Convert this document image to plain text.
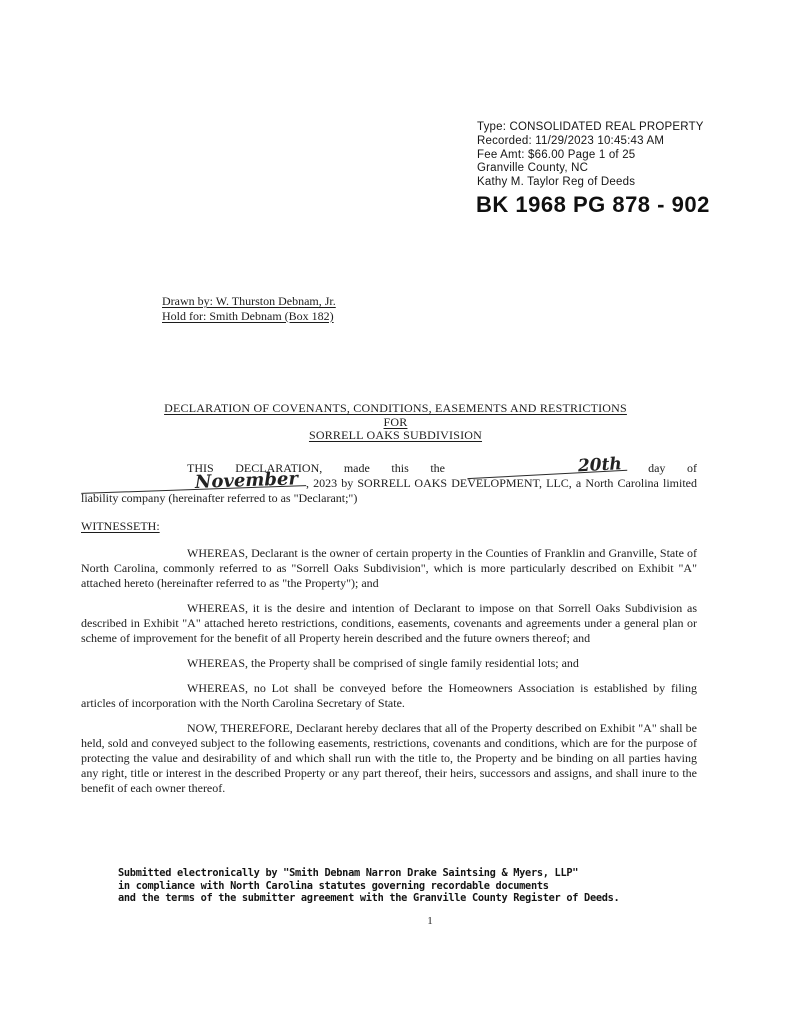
Type: CONSOLIDATED REAL PROPERTY
Recorded: 11/29/2023 10:45:43 AM
Fee Amt: $66.00 Page 1 of 25
Granville County, NC
Kathy M. Taylor Reg of Deeds
BK 1968 PG 878 - 902
Drawn by: W. Thurston Debnam, Jr.
Hold for: Smith Debnam (Box 182)
DECLARATION OF COVENANTS, CONDITIONS, EASEMENTS AND RESTRICTIONS
FOR
SORRELL OAKS SUBDIVISION

THIS DECLARATION, made this the	20th day of November , 2023 by SORRELL OAKS DEVELOPMENT, LLC, a North Carolina limited liability company (hereinafter referred to as "Declarant;")

WITNESSETH:

WHEREAS, Declarant is the owner of certain property in the Counties of Franklin and Granville, State of North Carolina, commonly referred to as "Sorrell Oaks Subdivision", which is more particularly described on Exhibit "A" attached hereto (hereinafter referred to as "the Property"); and

WHEREAS, it is the desire and intention of Declarant to impose on that Sorrell Oaks Subdivision as described in Exhibit "A" attached hereto restrictions, conditions, easements, covenants and agreements under a general plan or scheme of improvement for the benefit of all Property herein described and the future owners thereof; and

WHEREAS, the Property shall be comprised of single family residential lots; and

WHEREAS, no Lot shall be conveyed before the Homeowners Association is established by filing articles of incorporation with the North Carolina Secretary of State.

NOW, THEREFORE, Declarant hereby declares that all of the Property described on Exhibit "A" shall be held, sold and conveyed subject to the following easements, restrictions, covenants and conditions, which are for the purpose of protecting the value and desirability of and which shall run with the title to, the Property and be binding on all parties having any right, title or interest in the described Property or any part thereof, their heirs, successors and assigns, and shall inure to the benefit of each owner thereof.

Submitted electronically by "Smith Debnam Narron Drake Saintsing & Myers, LLP"
in compliance with North Carolina statutes governing recordable documents
and the terms of the submitter agreement with the Granville County Register of Deeds.
1
